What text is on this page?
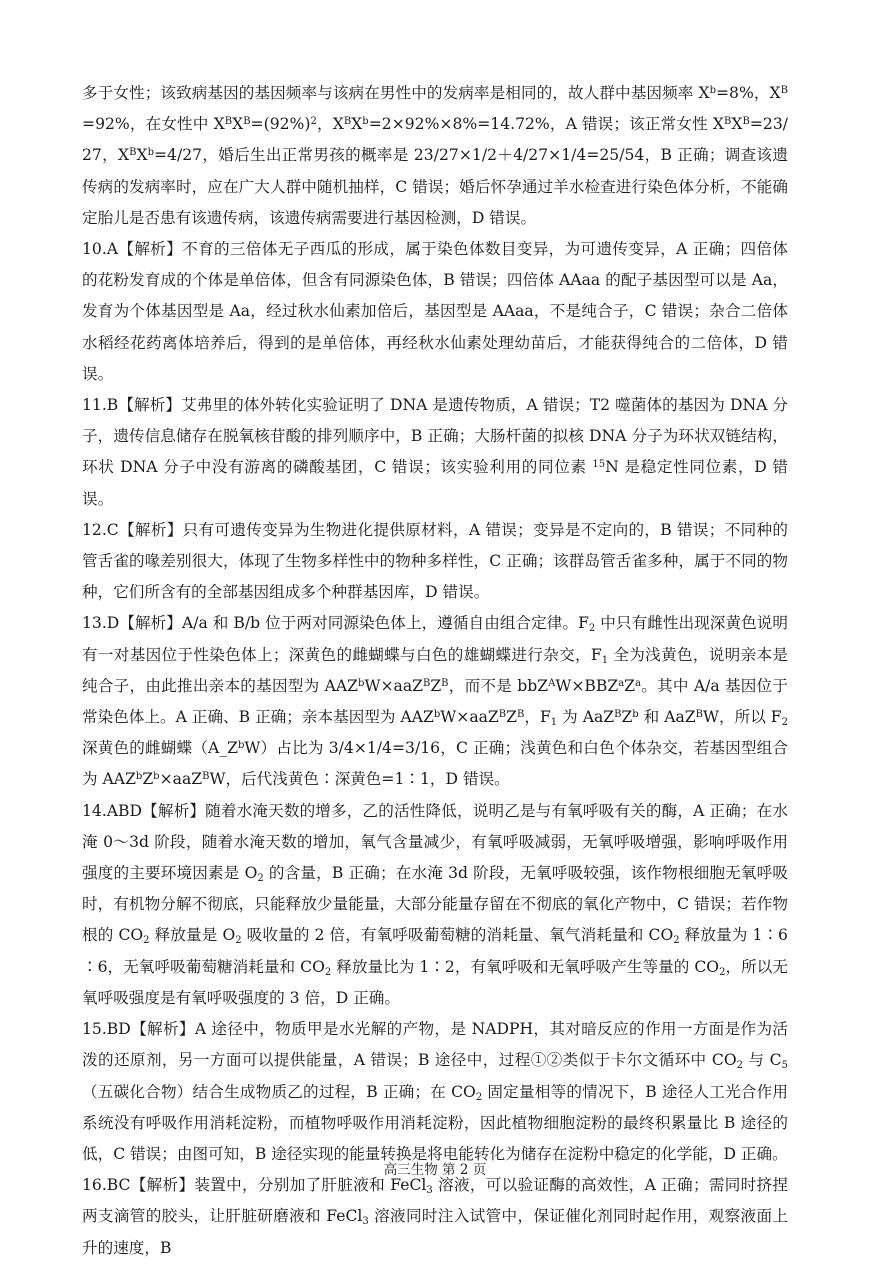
多于女性；该致病基因的基因频率与该病在男性中的发病率是相同的，故人群中基因频率 $X^b=8\%$，$X^B=92\%$，在女性中 $X^BX^B=(92\%)^2$，$X^BX^b=2\times 92\%\times 8\%=14.72\%$，A 错误；该正常女性 $X^BX^B=23/27$，$X^BX^b=4/27$，婚后生出正常男孩的概率是 23/27×1/2＋4/27×1/4=25/54，B 正确；调查该遗传病的发病率时，应在广大人群中随机抽样，C 错误；婚后怀孕通过羊水检查进行染色体分析，不能确定胎儿是否患有该遗传病，该遗传病需要进行基因检测，D 错误。

10.A【解析】不育的三倍体无子西瓜的形成，属于染色体数目变异，为可遗传变异，A 正确；四倍体的花粉发育成的个体是单倍体，但含有同源染色体，B 错误；四倍体 AAaa 的配子基因型可以是 Aa，发育为个体基因型是 Aa，经过秋水仙素加倍后，基因型是 AAaa，不是纯合子，C 错误；杂合二倍体水稻经花药离体培养后，得到的是单倍体，再经秋水仙素处理幼苗后，才能获得纯合的二倍体，D 错误。

11.B【解析】艾弗里的体外转化实验证明了 DNA 是遗传物质，A 错误；T2 噬菌体的基因为 DNA 分子，遗传信息储存在脱氧核苷酸的排列顺序中，B 正确；大肠杆菌的拟核 DNA 分子为环状双链结构，环状 DNA 分子中没有游离的磷酸基团，C 错误；该实验利用的同位素 $^{15}$N 是稳定性同位素，D 错误。

12.C【解析】只有可遗传变异为生物进化提供原材料，A 错误；变异是不定向的，B 错误；不同种的管舌雀的喙差别很大，体现了生物多样性中的物种多样性，C 正确；该群岛管舌雀多种，属于不同的物种，它们所含有的全部基因组成多个种群基因库，D 错误。

13.D【解析】A/a 和 B/b 位于两对同源染色体上，遵循自由组合定律。$F_2$ 中只有雌性出现深黄色说明有一对基因位于性染色体上；深黄色的雌蝴蝶与白色的雄蝴蝶进行杂交，$F_1$ 全为浅黄色，说明亲本是纯合子，由此推出亲本的基因型为 $AAZ^bW\times aaZ^BZ^B$，而不是 $bbZ^AW\times BBZ^aZ^a$。其中 A/a 基因位于常染色体上。A 正确、B 正确；亲本基因型为 $AAZ^bW\times aaZ^BZ^B$，$F_1$ 为 $AaZ^BZ^b$ 和 AaZ$^B$W，所以 $F_2$ 深黄色的雌蝴蝶$(A\_Z^bW)$占比为 3/4×1/4=3/16，C 正确；浅黄色和白色个体杂交，若基因型组合为 $AAZ^bZ^b\times aaZ^BW$，后代浅黄色∶深黄色=1∶1，D 错误。

14.ABD【解析】随着水淹天数的增多，乙的活性降低，说明乙是与有氧呼吸有关的酶，A 正确；在水淹 0～3d 阶段，随着水淹天数的增加，氧气含量减少，有氧呼吸减弱，无氧呼吸增强，影响呼吸作用强度的主要环境因素是 $O_2$ 的含量，B 正确；在水淹 3d 阶段，无氧呼吸较强，该作物根细胞无氧呼吸时，有机物分解不彻底，只能释放少量能量，大部分能量存留在不彻底的氧化产物中，C 错误；若作物根的 $CO_2$ 释放量是 $O_2$ 吸收量的 2 倍，有氧呼吸葡萄糖的消耗量、氧气消耗量和 $CO_2$ 释放量为 1∶6∶6，无氧呼吸葡萄糖消耗量和 $CO_2$ 释放量比为 1∶2，有氧呼吸和无氧呼吸产生等量的 $CO_2$，所以无氧呼吸强度是有氧呼吸强度的 3 倍，D 正确。

15.BD【解析】A 途径中，物质甲是水光解的产物，是 NADPH，其对暗反应的作用一方面是作为活泼的还原剂，另一方面可以提供能量，A 错误；B 途径中，过程①②类似于卡尔文循环中 $CO_2$ 与 $C_5$（五碳化合物）结合生成物质乙的过程，B 正确；在 $CO_2$ 固定量相等的情况下，B 途径人工光合作用系统没有呼吸作用消耗淀粉，而植物呼吸作用消耗淀粉，因此植物细胞淀粉的最终积累量比 B 途径的低，C 错误；由图可知，B 途径实现的能量转换是将电能转化为储存在淀粉中稳定的化学能，D 正确。

16.BC【解析】装置中，分别加了肝脏液和 FeCl$_3$ 溶液，可以验证酶的高效性，A 正确；需同时挤捏两支滴管的胶头，让肝脏研磨液和 FeCl$_3$ 溶液同时注入试管中，保证催化剂同时起作用，观察液面上升的速度，B

高三生物 第 2 页
